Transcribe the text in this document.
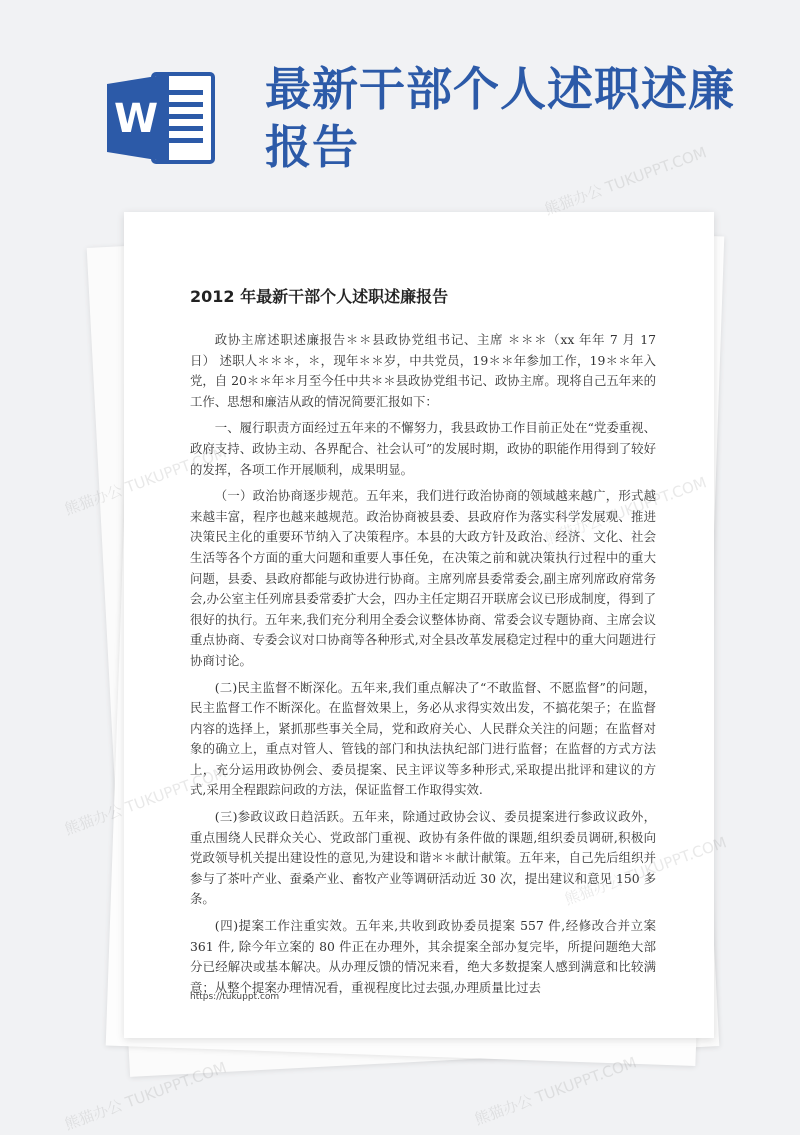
W
最新干部个人述职述廉报告
2012 年最新干部个人述职述廉报告

政协主席述职述廉报告＊＊县政协党组书记、主席 ＊＊＊（xx 年年 7 月 17 日） 述职人＊＊＊，＊，现年＊＊岁，中共党员，19＊＊年参加工作，19＊＊年入党，自 20＊＊年＊月至今任中共＊＊县政协党组书记、政协主席。现将自己五年来的工作、思想和廉洁从政的情况简要汇报如下：

一、履行职责方面经过五年来的不懈努力，我县政协工作目前正处在“党委重视、政府支持、政协主动、各界配合、社会认可”的发展时期，政协的职能作用得到了较好的发挥，各项工作开展顺利，成果明显。

（一）政治协商逐步规范。五年来，我们进行政治协商的领域越来越广，形式越来越丰富，程序也越来越规范。政治协商被县委、县政府作为落实科学发展观、推进决策民主化的重要环节纳入了决策程序。本县的大政方针及政治、经济、文化、社会生活等各个方面的重大问题和重要人事任免，在决策之前和就决策执行过程中的重大问题，县委、县政府都能与政协进行协商。主席列席县委常委会,副主席列席政府常务会,办公室主任列席县委常委扩大会，四办主任定期召开联席会议已形成制度，得到了很好的执行。五年来,我们充分利用全委会议整体协商、常委会议专题协商、主席会议重点协商、专委会议对口协商等各种形式,对全县改革发展稳定过程中的重大问题进行协商讨论。

(二)民主监督不断深化。五年来,我们重点解决了“不敢监督、不愿监督”的问题，民主监督工作不断深化。在监督效果上，务必从求得实效出发，不搞花架子；在监督内容的选择上，紧抓那些事关全局，党和政府关心、人民群众关注的问题；在监督对象的确立上，重点对管人、管钱的部门和执法执纪部门进行监督；在监督的方式方法上，充分运用政协例会、委员提案、民主评议等多种形式,采取提出批评和建议的方式,采用全程跟踪问政的方法，保证监督工作取得实效.

(三)参政议政日趋活跃。五年来，除通过政协会议、委员提案进行参政议政外，重点围绕人民群众关心、党政部门重视、政协有条件做的课题,组织委员调研,积极向党政领导机关提出建设性的意见,为建设和谐＊＊献计献策。五年来，自己先后组织并参与了茶叶产业、蚕桑产业、畜牧产业等调研活动近 30 次，提出建议和意见 150 多条。

(四)提案工作注重实效。五年来,共收到政协委员提案 557 件,经修改合并立案 361 件, 除今年立案的 80 件正在办理外，其余提案全部办复完毕，所提问题绝大部分已经解决或基本解决。从办理反馈的情况来看，绝大多数提案人感到满意和比较满意；从整个提案办理情况看，重视程度比过去强,办理质量比过去

https://tukuppt.com
熊猫办公 TUKUPPT.COM
熊猫办公
熊猫办公
熊猫办公 TUKUPPT.COM	熊猫办公 TUKUPPT.COM
